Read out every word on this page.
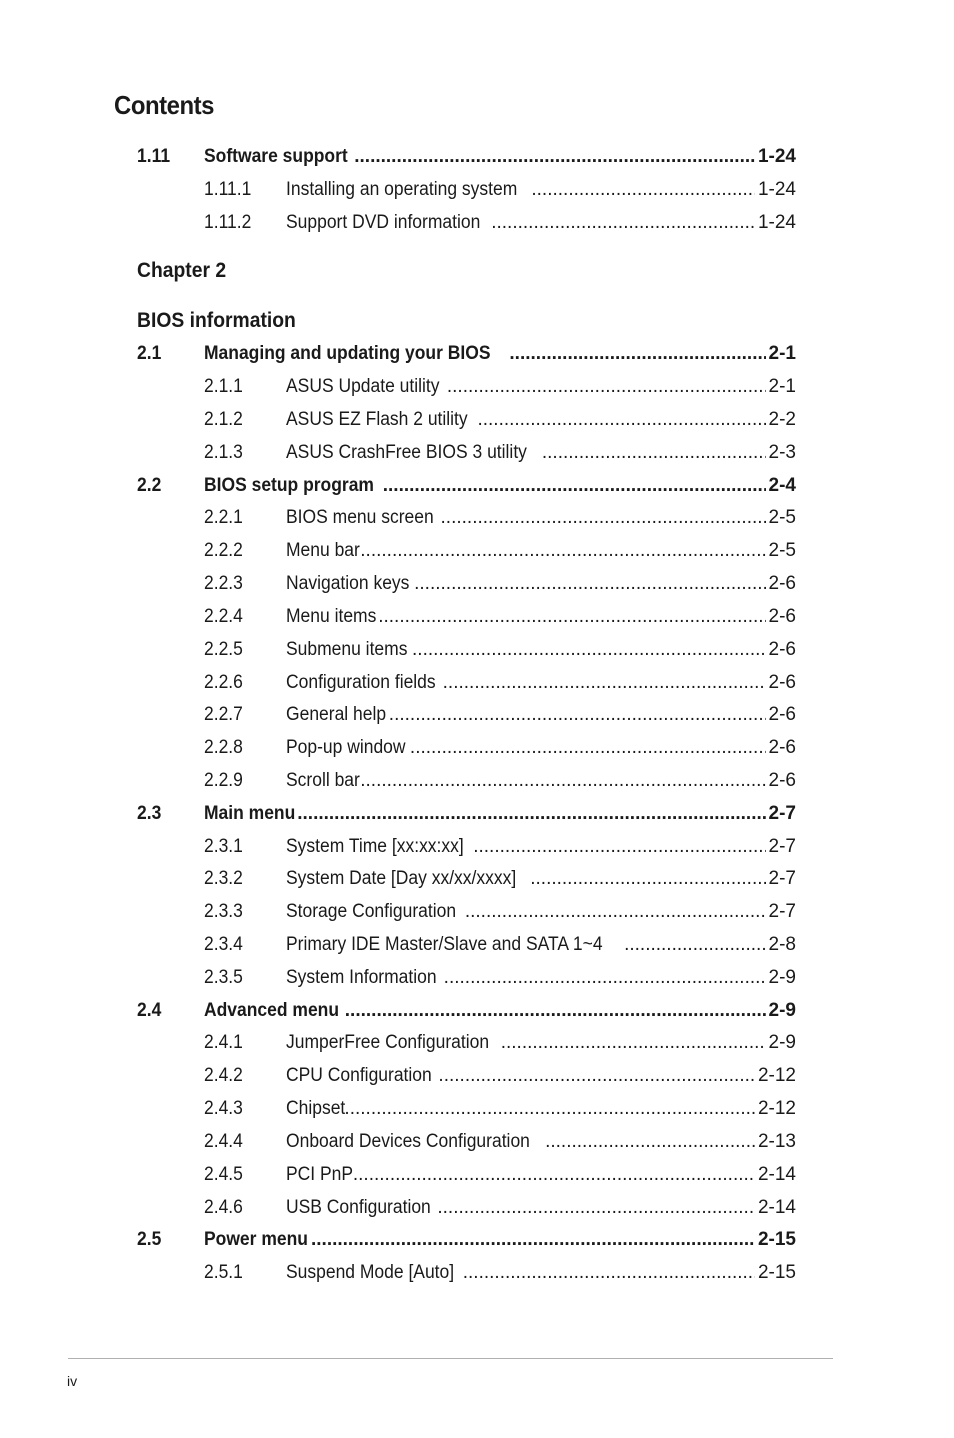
Contents
1.11 Software support .....	1-24
1.11.1 Installing an operating system .....	1-24
1.11.2 Support DVD information .....	1-24
Chapter 2
BIOS information
2.1 Managing and updating your BIOS .....	2-1
2.1.1 ASUS Update utility .....	2-1
2.1.2 ASUS EZ Flash 2 utility .....	2-2
2.1.3 ASUS CrashFree BIOS 3 utility .....	2-3
2.2 BIOS setup program .....	2-4
2.2.1 BIOS menu screen .....	2-5
2.2.2 Menu bar .....	2-5
2.2.3 Navigation keys .....	2-6
2.2.4 Menu items .....	2-6
2.2.5 Submenu items .....	2-6
2.2.6 Configuration fields .....	2-6
2.2.7 General help .....	2-6
2.2.8 Pop-up window .....	2-6
2.2.9 Scroll bar .....	2-6
2.3 Main menu .....	2-7
2.3.1 System Time [xx:xx:xx] .....	2-7
2.3.2 System Date [Day xx/xx/xxxx] .....	2-7
2.3.3 Storage Configuration .....	2-7
2.3.4 Primary IDE Master/Slave and SATA 1~4 .....	2-8
2.3.5 System Information .....	2-9
2.4 Advanced menu .....	2-9
2.4.1 JumperFree Configuration .....	2-9
2.4.2 CPU Configuration .....	2-12
2.4.3 Chipset .....	2-12
2.4.4 Onboard Devices Configuration .....	2-13
2.4.5 PCI PnP .....	2-14
2.4.6 USB Configuration .....	2-14
2.5 Power menu .....	2-15
2.5.1 Suspend Mode [Auto] .....	2-15
iv
